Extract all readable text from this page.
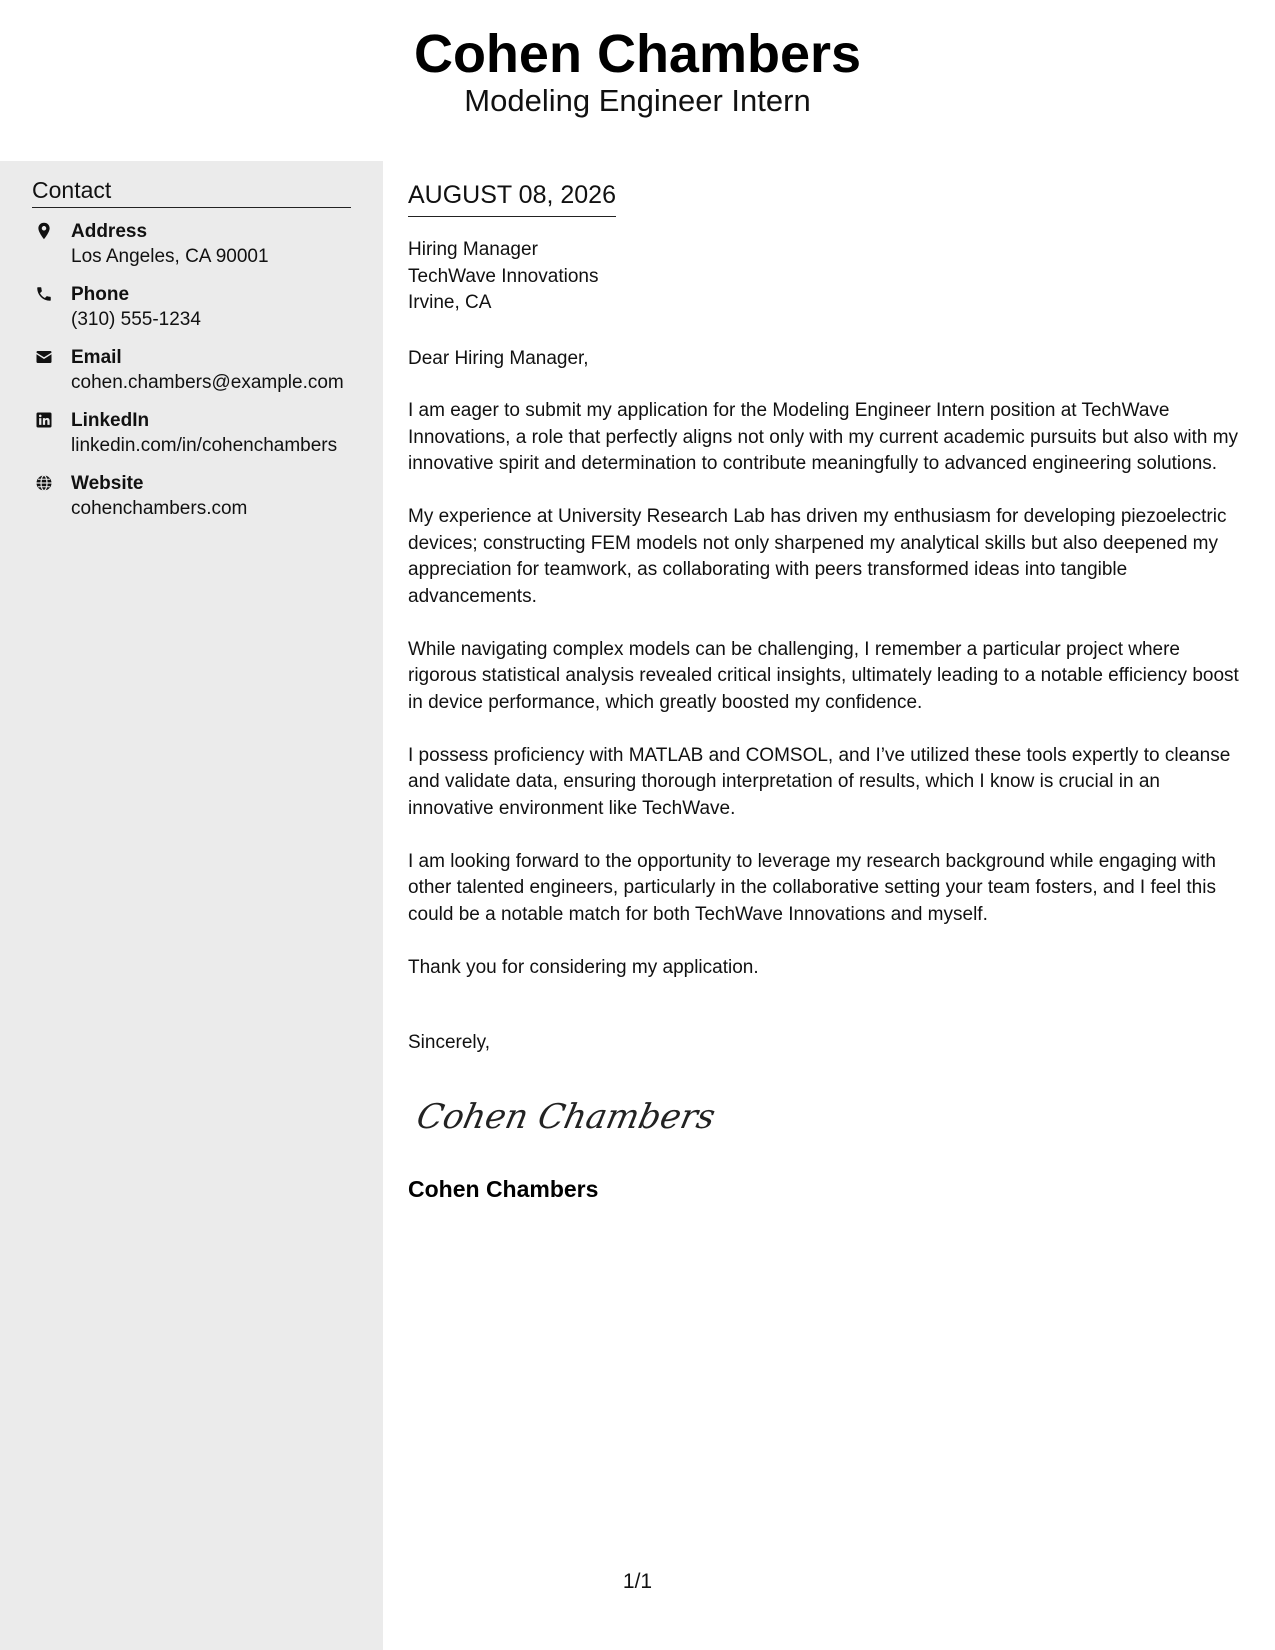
Cohen Chambers
Modeling Engineer Intern
Contact
Address
Los Angeles, CA 90001
Phone
(310) 555-1234
Email
cohen.chambers@example.com
LinkedIn
linkedin.com/in/cohenchambers
Website
cohenchambers.com
AUGUST 08, 2026
Hiring Manager
TechWave Innovations
Irvine, CA
Dear Hiring Manager,

I am eager to submit my application for the Modeling Engineer Intern position at TechWave Innovations, a role that perfectly aligns not only with my current academic pursuits but also with my innovative spirit and determination to contribute meaningfully to advanced engineering solutions.

My experience at University Research Lab has driven my enthusiasm for developing piezoelectric devices; constructing FEM models not only sharpened my analytical skills but also deepened my appreciation for teamwork, as collaborating with peers transformed ideas into tangible advancements.

While navigating complex models can be challenging, I remember a particular project where rigorous statistical analysis revealed critical insights, ultimately leading to a notable efficiency boost in device performance, which greatly boosted my confidence.

I possess proficiency with MATLAB and COMSOL, and I’ve utilized these tools expertly to cleanse and validate data, ensuring thorough interpretation of results, which I know is crucial in an innovative environment like TechWave.

I am looking forward to the opportunity to leverage my research background while engaging with other talented engineers, particularly in the collaborative setting your team fosters, and I feel this could be a notable match for both TechWave Innovations and myself.

Thank you for considering my application.

Sincerely,
Cohen Chambers
Cohen Chambers
1/1
